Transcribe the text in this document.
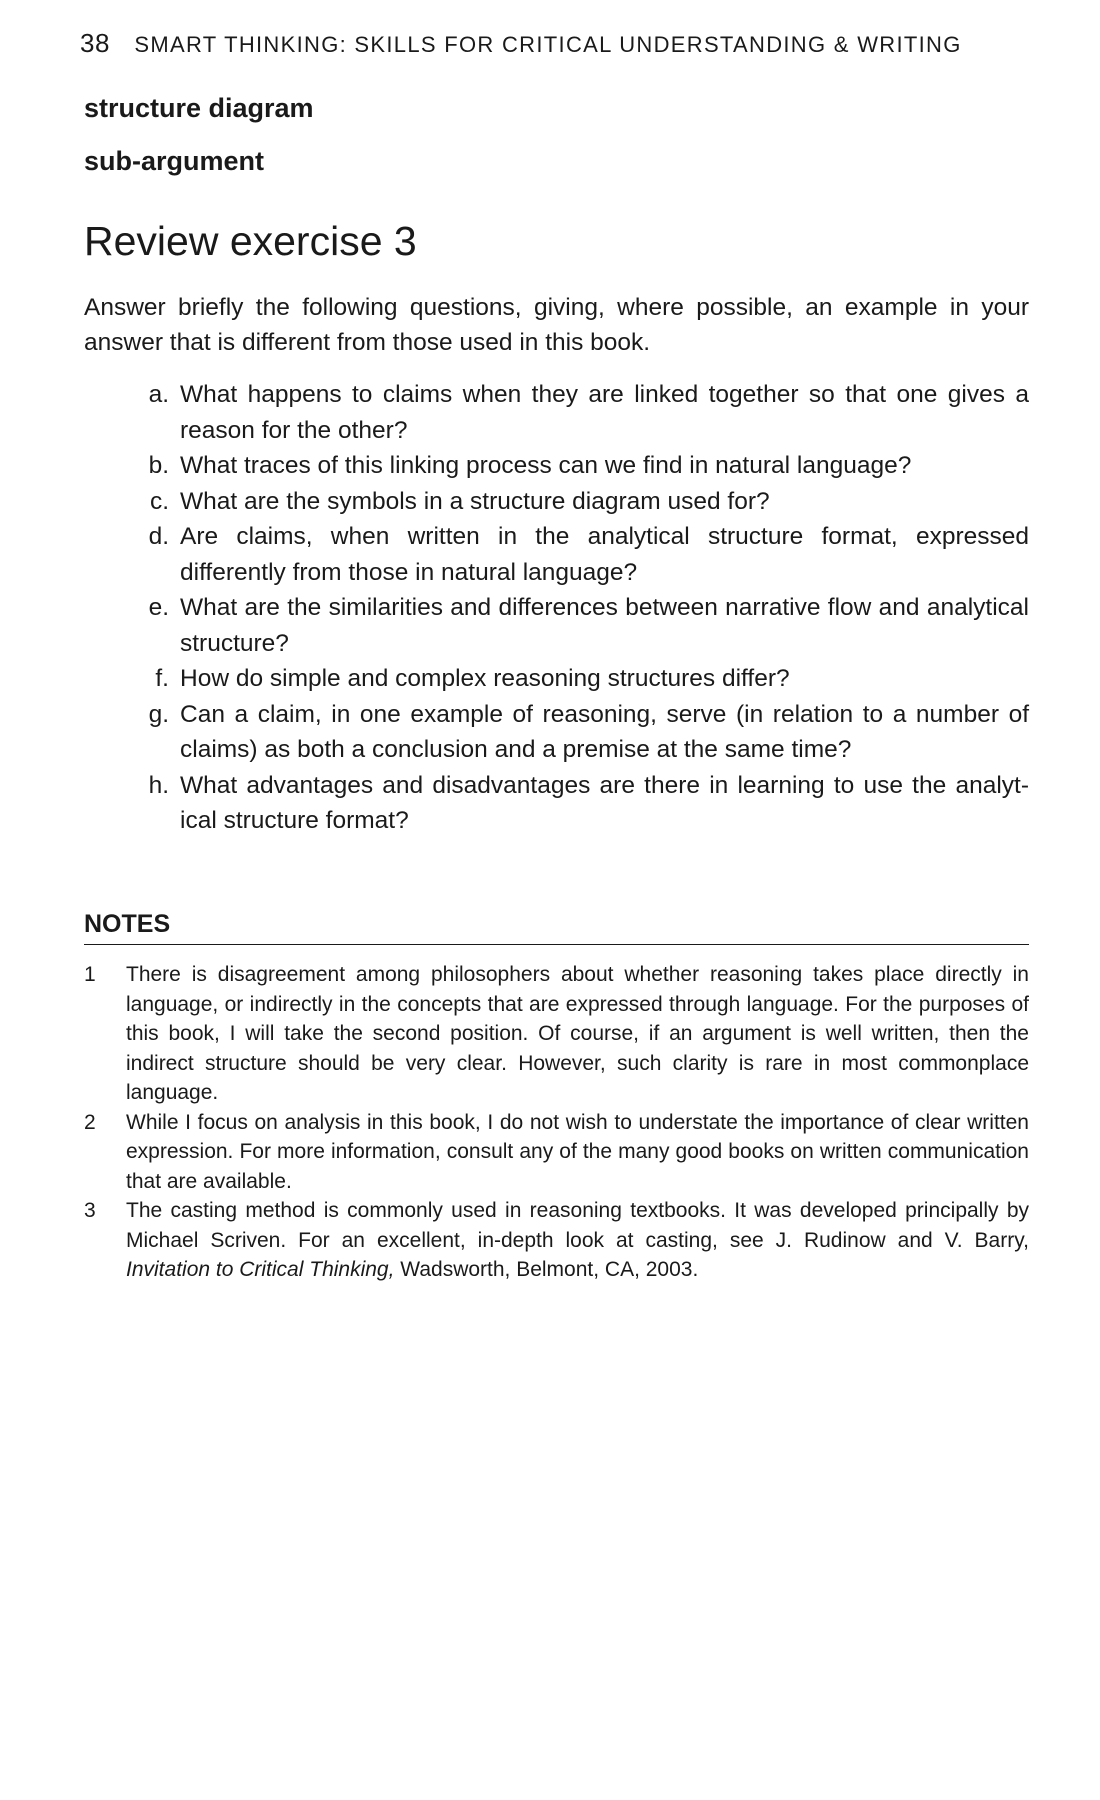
38 SMART THINKING: SKILLS FOR CRITICAL UNDERSTANDING & WRITING
structure diagram
sub-argument
Review exercise 3

Answer briefly the following questions, giving, where possible, an example in your answer that is different from those used in this book.

a. What happens to claims when they are linked together so that one gives a reason for the other?
b. What traces of this linking process can we find in natural language?
c. What are the symbols in a structure diagram used for?
d. Are claims, when written in the analytical structure format, expressed differently from those in natural language?
e. What are the similarities and differences between narrative flow and analytical structure?
f. How do simple and complex reasoning structures differ?
g. Can a claim, in one example of reasoning, serve (in relation to a number of claims) as both a conclusion and a premise at the same time?
h. What advantages and disadvantages are there in learning to use the analytical structure format?
NOTES
1	There is disagreement among philosophers about whether reasoning takes place directly in language, or indirectly in the concepts that are expressed through language. For the purposes of this book, I will take the second position. Of course, if an argument is well written, then the indirect structure should be very clear. However, such clarity is rare in most commonplace language.
2	While I focus on analysis in this book, I do not wish to understate the importance of clear written expression. For more information, consult any of the many good books on written communication that are available.
3	The casting method is commonly used in reasoning textbooks. It was developed principally by Michael Scriven. For an excellent, in-depth look at casting, see J. Rudinow and V. Barry, Invitation to Critical Thinking, Wadsworth, Belmont, CA, 2003.
